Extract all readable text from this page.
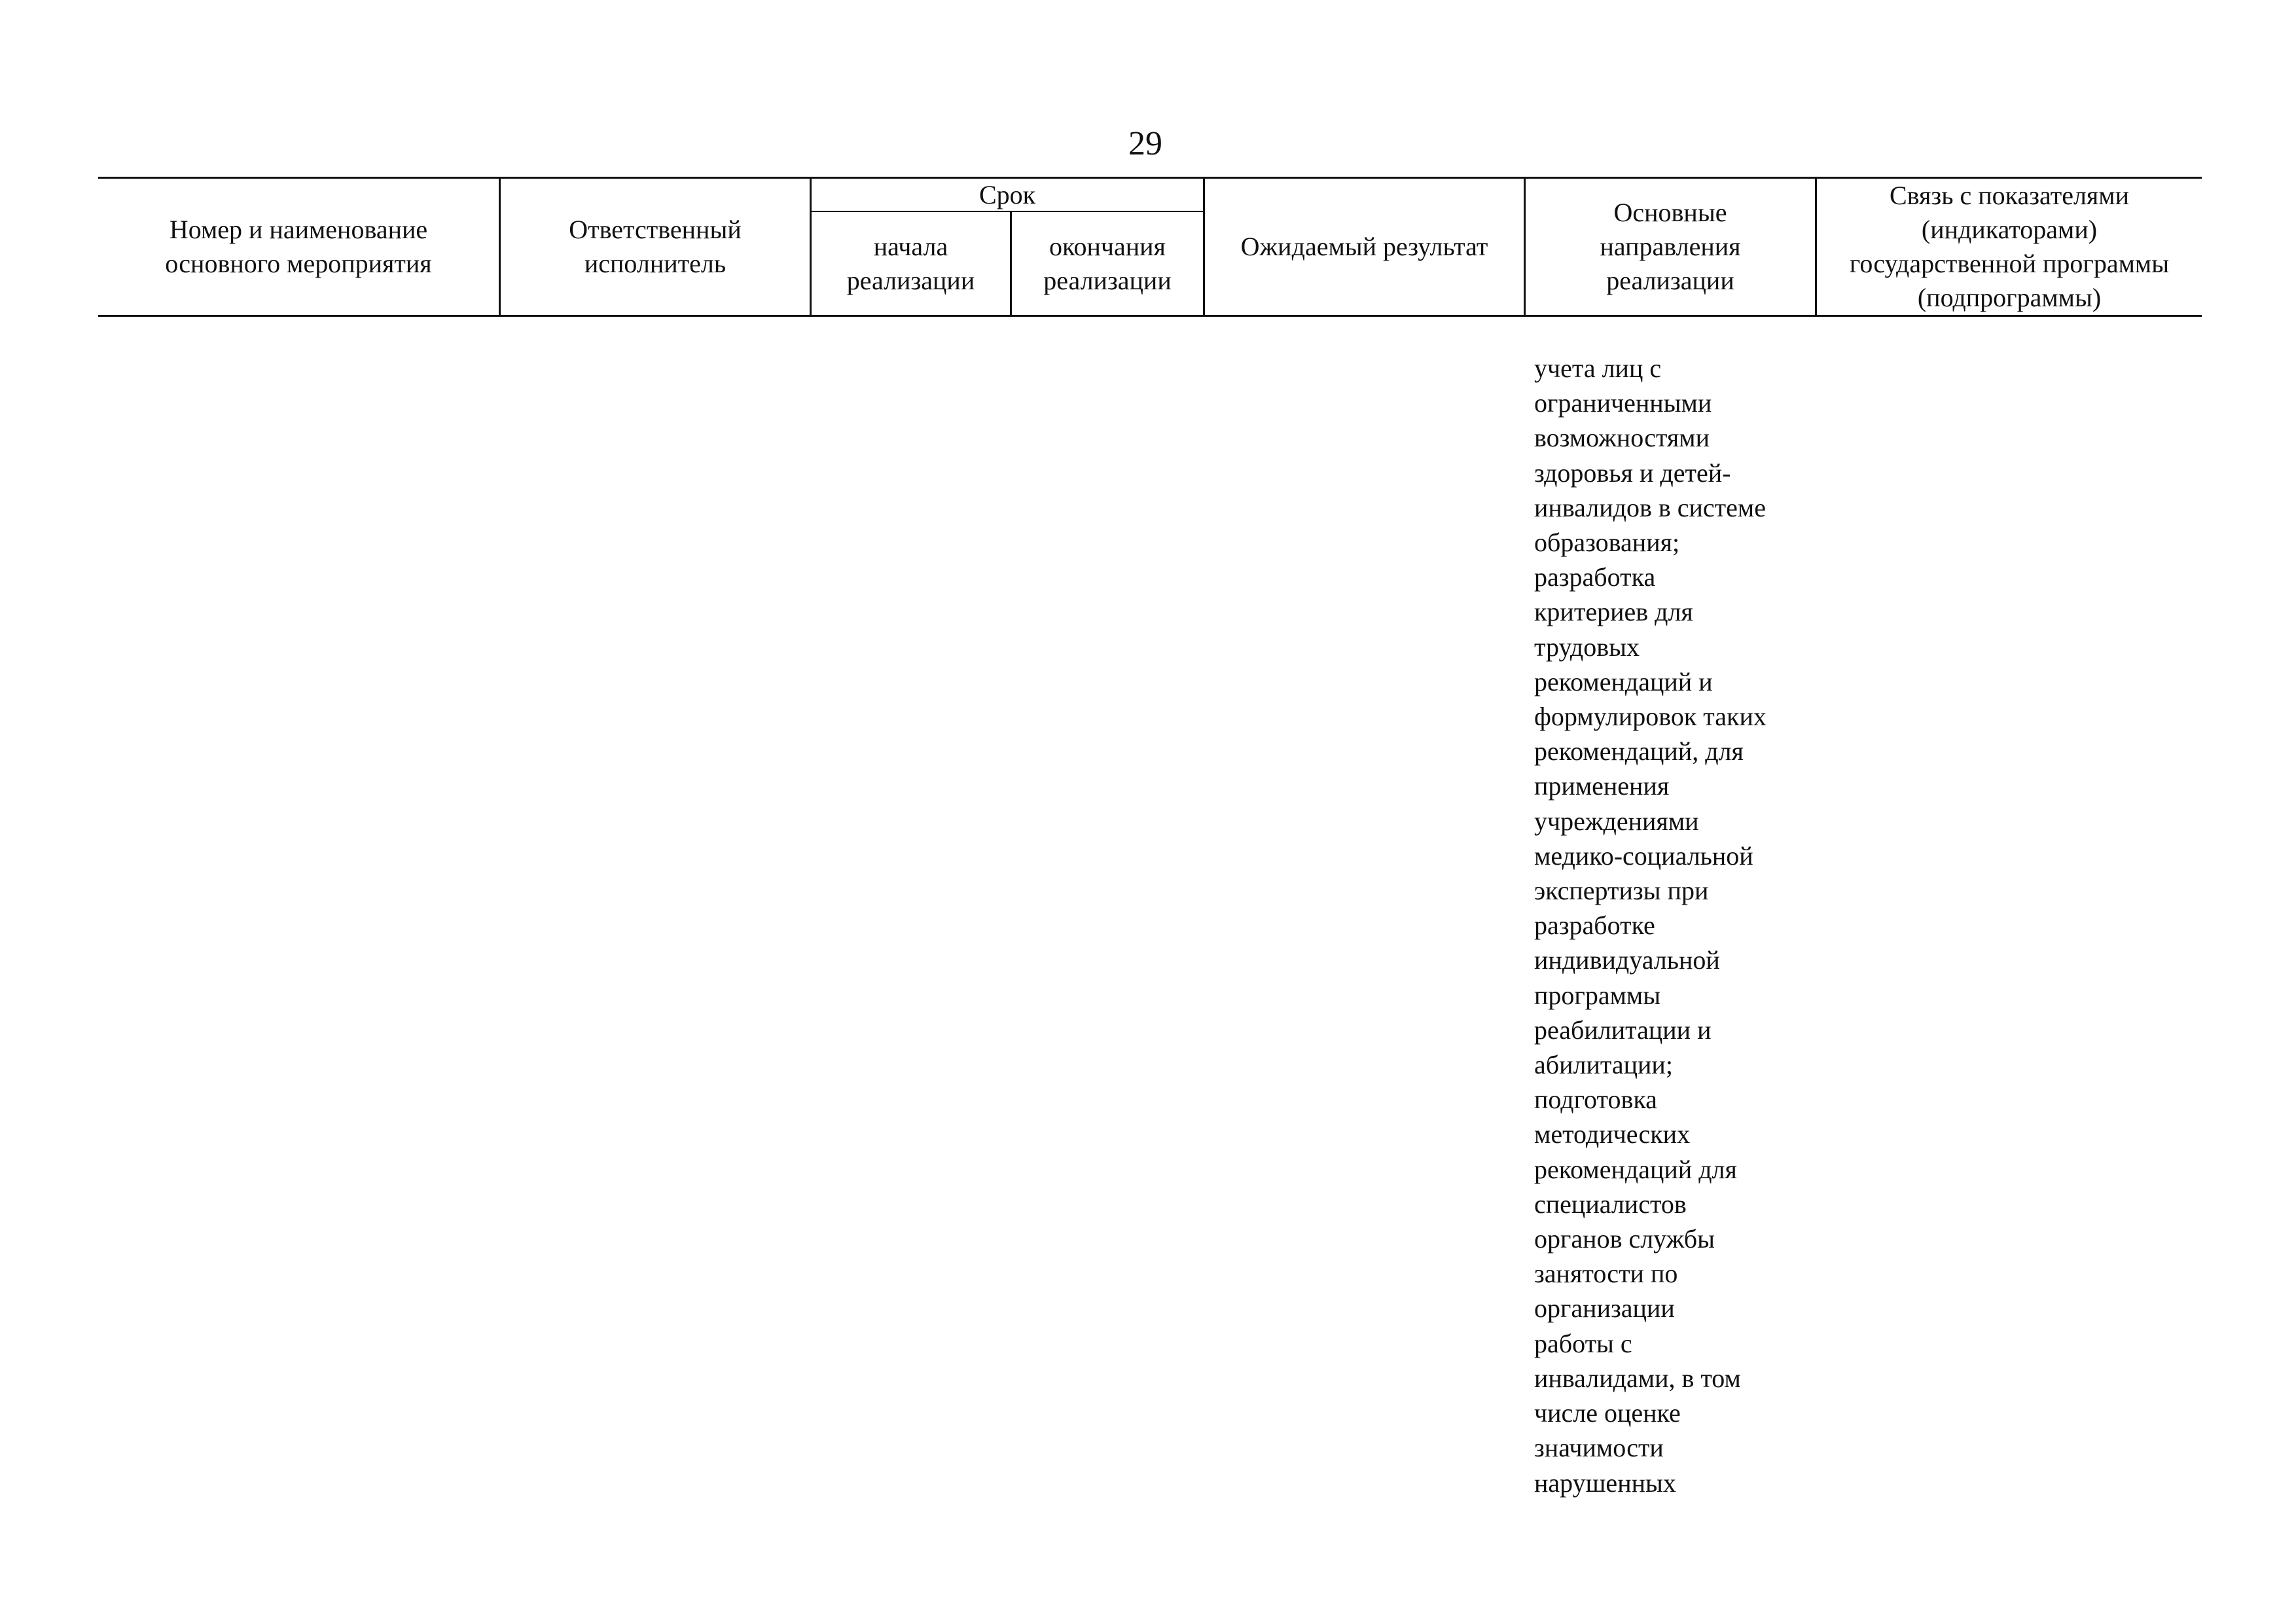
29
Номер и наименование
основного мероприятия
Ответственный
исполнитель
Срок
начала
реализации
окончания
реализации
Ожидаемый результат
Основные
направления
реализации
Связь с показателями
(индикаторами)
государственной программы
(подпрограммы)
учета лиц с
ограниченными
возможностями
здоровья и детей-
инвалидов в системе
образования;
разработка
критериев для
трудовых
рекомендаций и
формулировок таких
рекомендаций, для
применения
учреждениями
медико-социальной
экспертизы при
разработке
индивидуальной
программы
реабилитации и
абилитации;
подготовка
методических
рекомендаций для
специалистов
органов службы
занятости по
организации
работы с
инвалидами, в том
числе оценке
значимости
нарушенных
